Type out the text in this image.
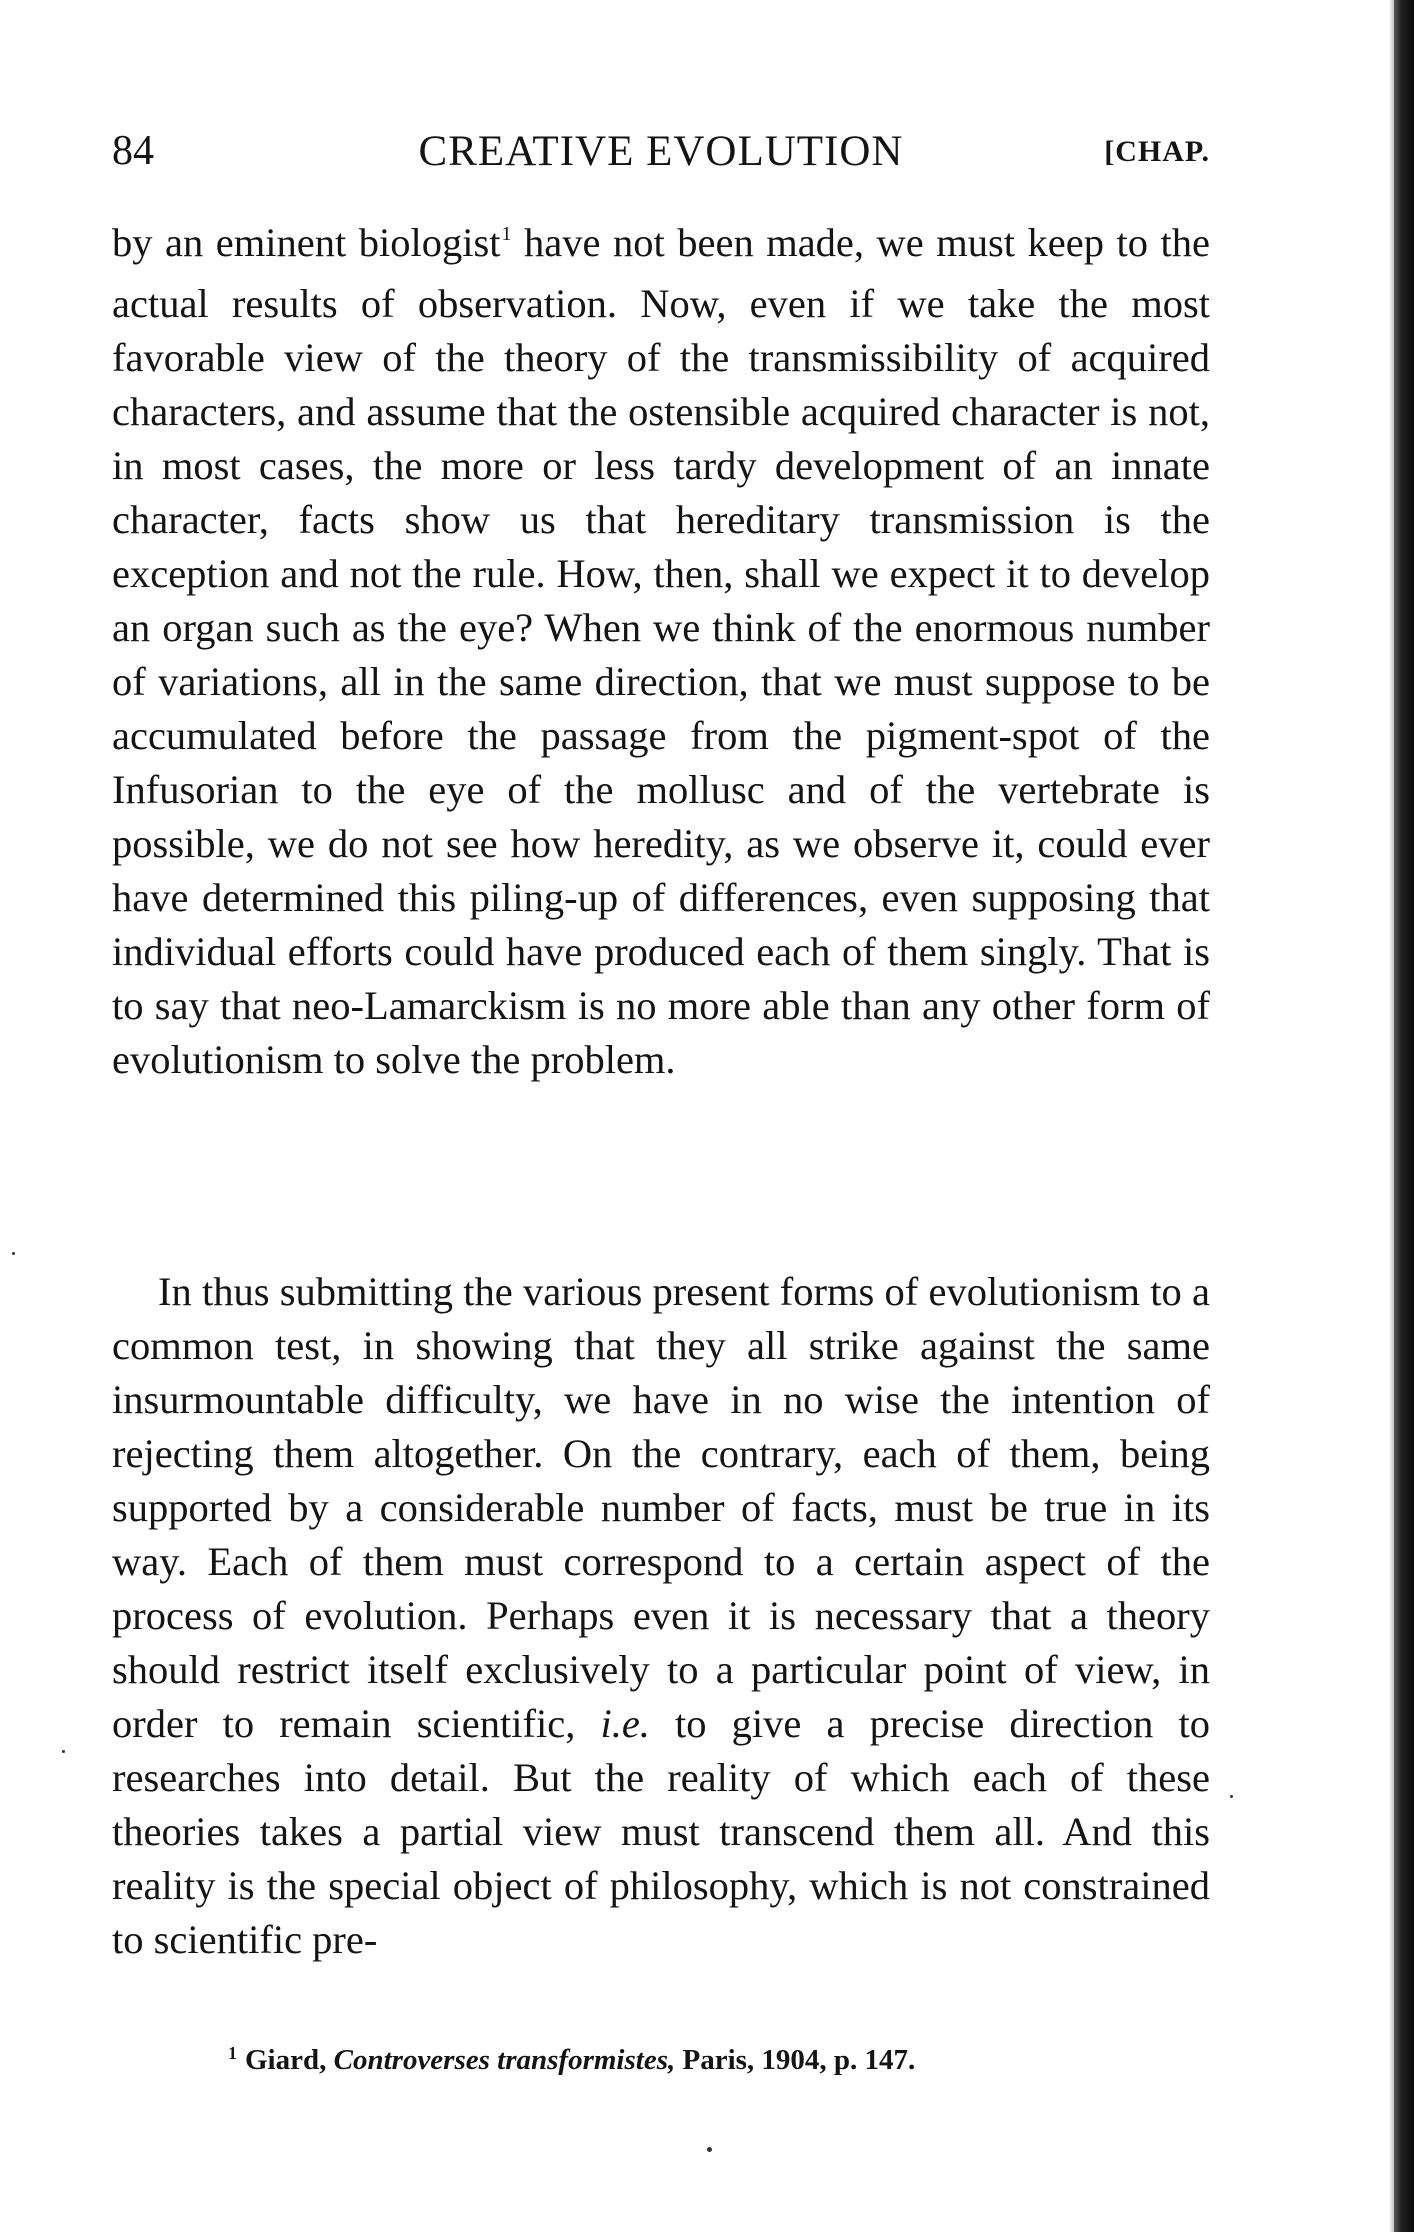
84	CREATIVE EVOLUTION	[CHAP.

by an eminent biologist$^1$ have not been made, we must keep to the actual results of observation. Now, even if we take the most favorable view of the theory of the transmissibility of acquired characters, and assume that the ostensible acquired character is not, in most cases, the more or less tardy development of an innate character, facts show us that hereditary transmission is the exception and not the rule. How, then, shall we expect it to develop an organ such as the eye? When we think of the enormous number of variations, all in the same direction, that we must suppose to be accumulated before the passage from the pigment-spot of the Infusorian to the eye of the mollusc and of the vertebrate is possible, we do not see how heredity, as we observe it, could ever have determined this piling-up of differences, even supposing that individual efforts could have produced each of them singly. That is to say that neo-Lamarckism is no more able than any other form of evolutionism to solve the problem.

In thus submitting the various present forms of evolutionism to a common test, in showing that they all strike against the same insurmountable difficulty, we have in no wise the intention of rejecting them altogether. On the contrary, each of them, being supported by a considerable number of facts, must be true in its way. Each of them must correspond to a certain aspect of the process of evolution. Perhaps even it is necessary that a theory should restrict itself exclusively to a particular point of view, in order to remain scientific, i.e. to give a precise direction to researches into detail. But the reality of which each of these theories takes a partial view must transcend them all. And this reality is the special object of philosophy, which is not constrained to scientific pre-

$^1$ Giard, Controverses transformistes, Paris, 1904, p. 147.
